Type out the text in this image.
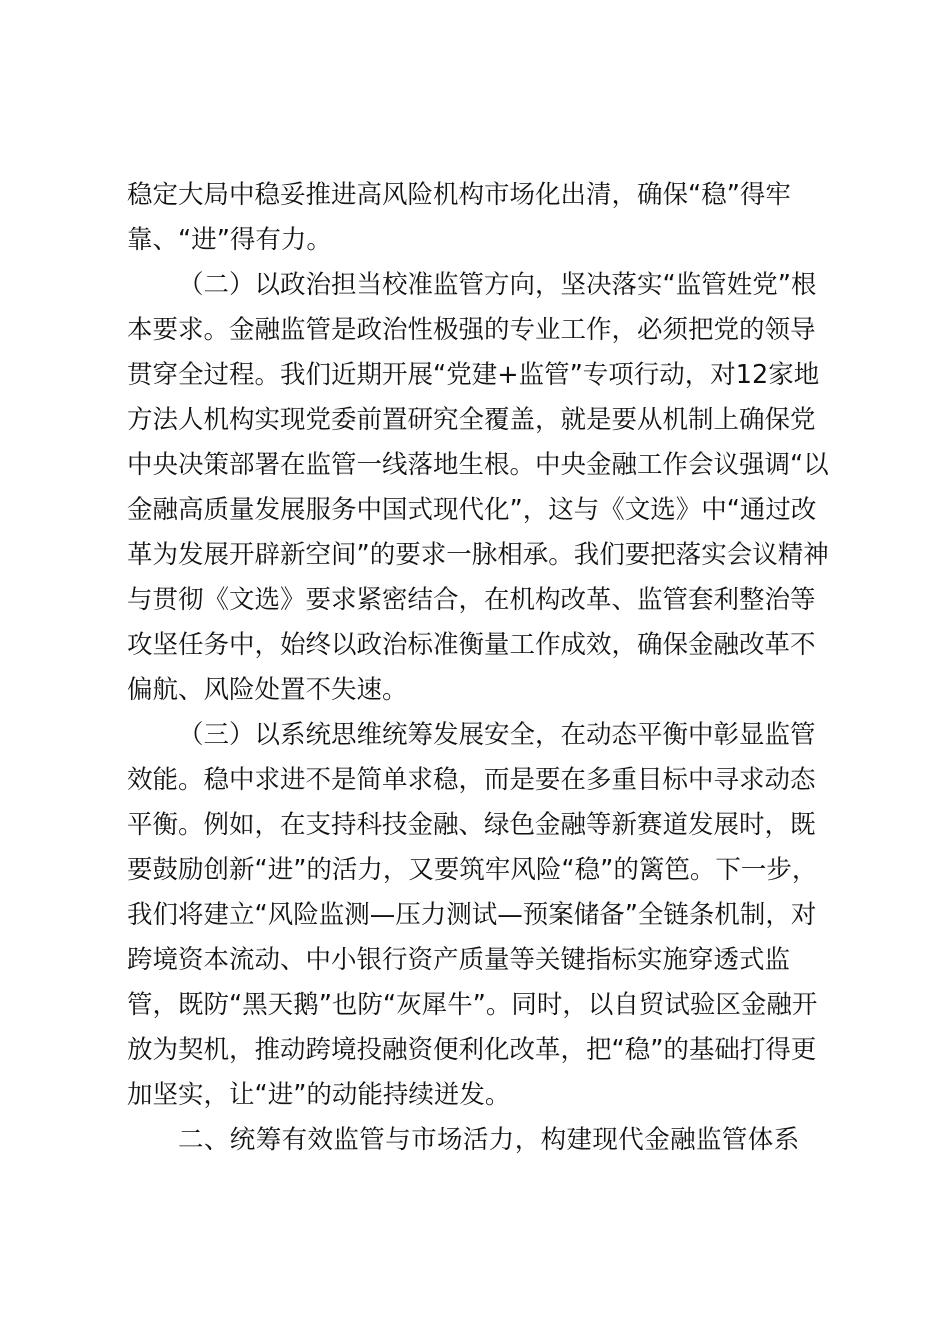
稳定大局中稳妥推进高风险机构市场化出清，确保“稳”得牢
靠、“进”得有力。
（二）以政治担当校准监管方向，坚决落实“监管姓党”根
本要求。金融监管是政治性极强的专业工作，必须把党的领导
贯穿全过程。我们近期开展“党建+监管”专项行动，对12家地
方法人机构实现党委前置研究全覆盖，就是要从机制上确保党
中央决策部署在监管一线落地生根。中央金融工作会议强调“以
金融高质量发展服务中国式现代化”，这与《文选》中“通过改
革为发展开辟新空间”的要求一脉相承。我们要把落实会议精神
与贯彻《文选》要求紧密结合，在机构改革、监管套利整治等
攻坚任务中，始终以政治标准衡量工作成效，确保金融改革不
偏航、风险处置不失速。
（三）以系统思维统筹发展安全，在动态平衡中彰显监管
效能。稳中求进不是简单求稳，而是要在多重目标中寻求动态
平衡。例如，在支持科技金融、绿色金融等新赛道发展时，既
要鼓励创新“进”的活力，又要筑牢风险“稳”的篱笆。下一步，
我们将建立“风险监测—压力测试—预案储备”全链条机制，对
跨境资本流动、中小银行资产质量等关键指标实施穿透式监
管，既防“黑天鹅”也防“灰犀牛”。同时，以自贸试验区金融开
放为契机，推动跨境投融资便利化改革，把“稳”的基础打得更
加坚实，让“进”的动能持续迸发。
二、统筹有效监管与市场活力，构建现代金融监管体系
